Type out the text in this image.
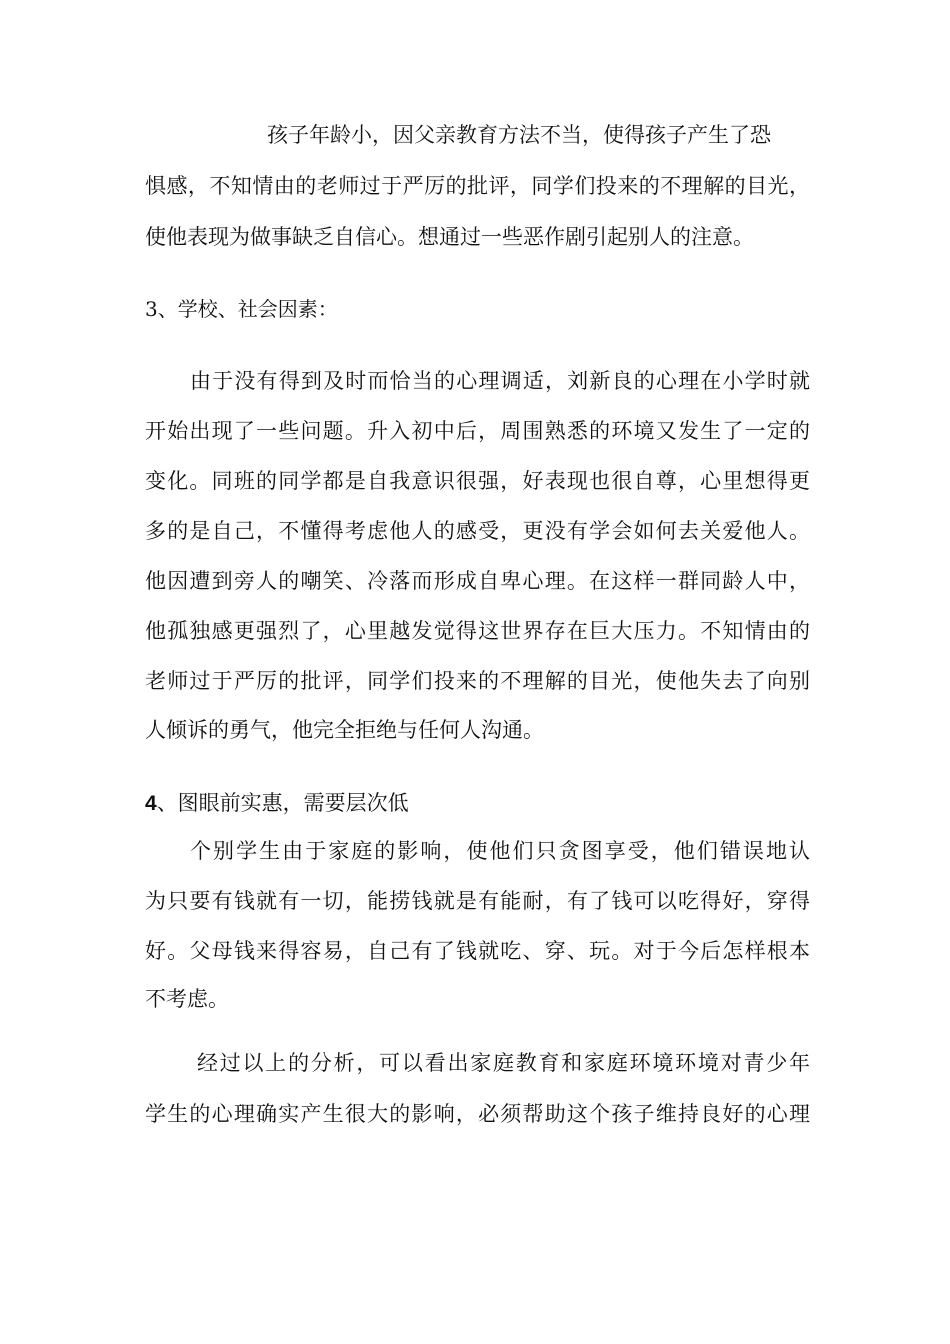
孩子年龄小，因父亲教育方法不当，使得孩子产生了恐
惧感，不知情由的老师过于严厉的批评，同学们投来的不理解的目光，
使他表现为做事缺乏自信心。想通过一些恶作剧引起别人的注意。
3、学校、社会因素：
由于没有得到及时而恰当的心理调适，刘新良的心理在小学时就
开始出现了一些问题。升入初中后，周围熟悉的环境又发生了一定的
变化。同班的同学都是自我意识很强，好表现也很自尊，心里想得更
多的是自己，不懂得考虑他人的感受，更没有学会如何去关爱他人。
他因遭到旁人的嘲笑、冷落而形成自卑心理。在这样一群同龄人中，
他孤独感更强烈了，心里越发觉得这世界存在巨大压力。不知情由的
老师过于严厉的批评，同学们投来的不理解的目光，使他失去了向别
人倾诉的勇气，他完全拒绝与任何人沟通。
4、图眼前实惠，需要层次低
个别学生由于家庭的影响，使他们只贪图享受，他们错误地认
为只要有钱就有一切，能捞钱就是有能耐，有了钱可以吃得好，穿得
好。父母钱来得容易，自己有了钱就吃、穿、玩。对于今后怎样根本
不考虑。
经过以上的分析，可以看出家庭教育和家庭环境环境对青少年
学生的心理确实产生很大的影响，必须帮助这个孩子维持良好的心理
